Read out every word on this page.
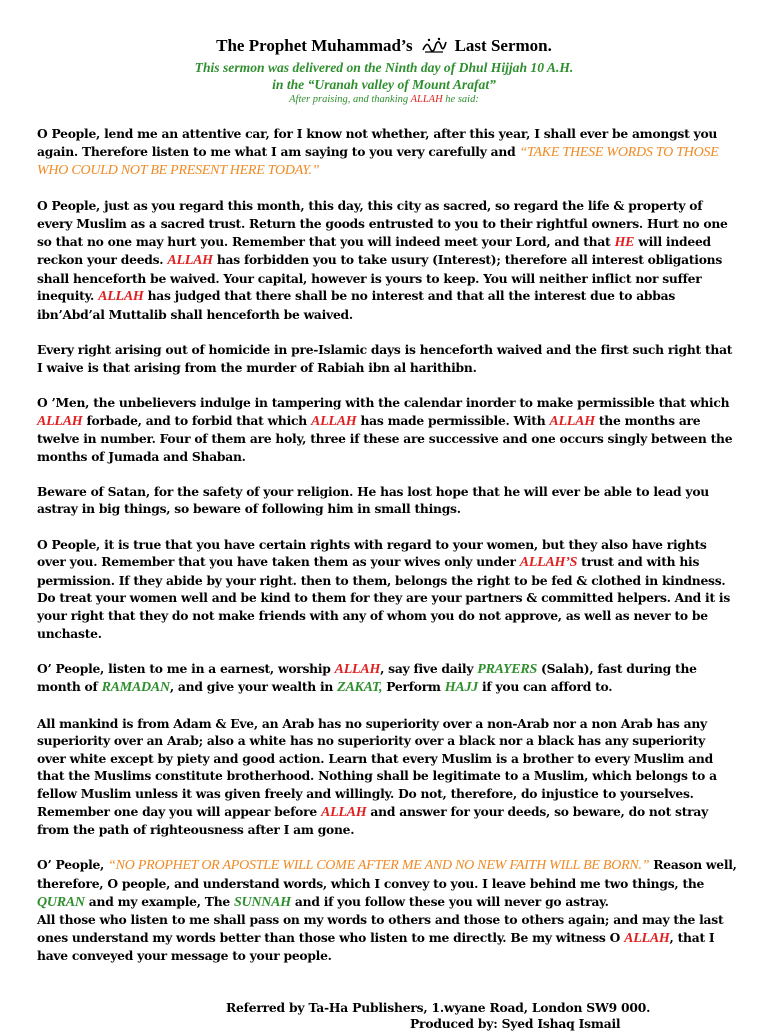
The Prophet Muhammad’s Last Sermon.
This sermon was delivered on the Ninth day of Dhul Hijjah 10 A.H.
in the “Uranah valley of Mount Arafat”
After praising, and thanking ALLAH he said:

O People, lend me an attentive car, for I know not whether, after this year, I shall ever be amongst you again. Therefore listen to me what I am saying to you very carefully and “TAKE THESE WORDS TO THOSE WHO COULD NOT BE PRESENT HERE TODAY.”

O People, just as you regard this month, this day, this city as sacred, so regard the life & property of every Muslim as a sacred trust. Return the goods entrusted to you to their rightful owners. Hurt no one so that no one may hurt you. Remember that you will indeed meet your Lord, and that HE will indeed reckon your deeds. ALLAH has forbidden you to take usury (Interest); therefore all interest obligations shall henceforth be waived. Your capital, however is yours to keep. You will neither inflict nor suffer inequity. ALLAH has judged that there shall be no interest and that all the interest due to abbas ibn’Abd’al Muttalib shall henceforth be waived.

Every right arising out of homicide in pre-Islamic days is henceforth waived and the first such right that I waive is that arising from the murder of Rabiah ibn al harithibn.

O ’Men, the unbelievers indulge in tampering with the calendar inorder to make permissible that which ALLAH forbade, and to forbid that which ALLAH has made permissible. With ALLAH the months are twelve in number. Four of them are holy, three if these are successive and one occurs singly between the months of Jumada and Shaban.

Beware of Satan, for the safety of your religion. He has lost hope that he will ever be able to lead you astray in big things, so beware of following him in small things.

O People, it is true that you have certain rights with regard to your women, but they also have rights over you. Remember that you have taken them as your wives only under ALLAH’S trust and with his permission. If they abide by your right. then to them, belongs the right to be fed & clothed in kindness. Do treat your women well and be kind to them for they are your partners & committed helpers. And it is your right that they do not make friends with any of whom you do not approve, as well as never to be unchaste.

O’ People, listen to me in a earnest, worship ALLAH, say five daily PRAYERS (Salah), fast during the month of RAMADAN, and give your wealth in ZAKAT, Perform HAJJ if you can afford to.

All mankind is from Adam & Eve, an Arab has no superiority over a non-Arab nor a non Arab has any superiority over an Arab; also a white has no superiority over a black nor a black has any superiority over white except by piety and good action. Learn that every Muslim is a brother to every Muslim and that the Muslims constitute brotherhood. Nothing shall be legitimate to a Muslim, which belongs to a fellow Muslim unless it was given freely and willingly. Do not, therefore, do injustice to yourselves.

Remember one day you will appear before ALLAH and answer for your deeds, so beware, do not stray from the path of righteousness after I am gone.

O’ People, “NO PROPHET OR APOSTLE WILL COME AFTER ME AND NO NEW FAITH WILL BE BORN.” Reason well, therefore, O people, and understand words, which I convey to you. I leave behind me two things, the QURAN and my example, The SUNNAH and if you follow these you will never go astray.

All those who listen to me shall pass on my words to others and those to others again; and may the last ones understand my words better than those who listen to me directly. Be my witness O ALLAH, that I have conveyed your message to your people.

Referred by Ta-Ha Publishers, 1.wyane Road, London SW9 000.
Produced by: Syed Ishaq Ismail
